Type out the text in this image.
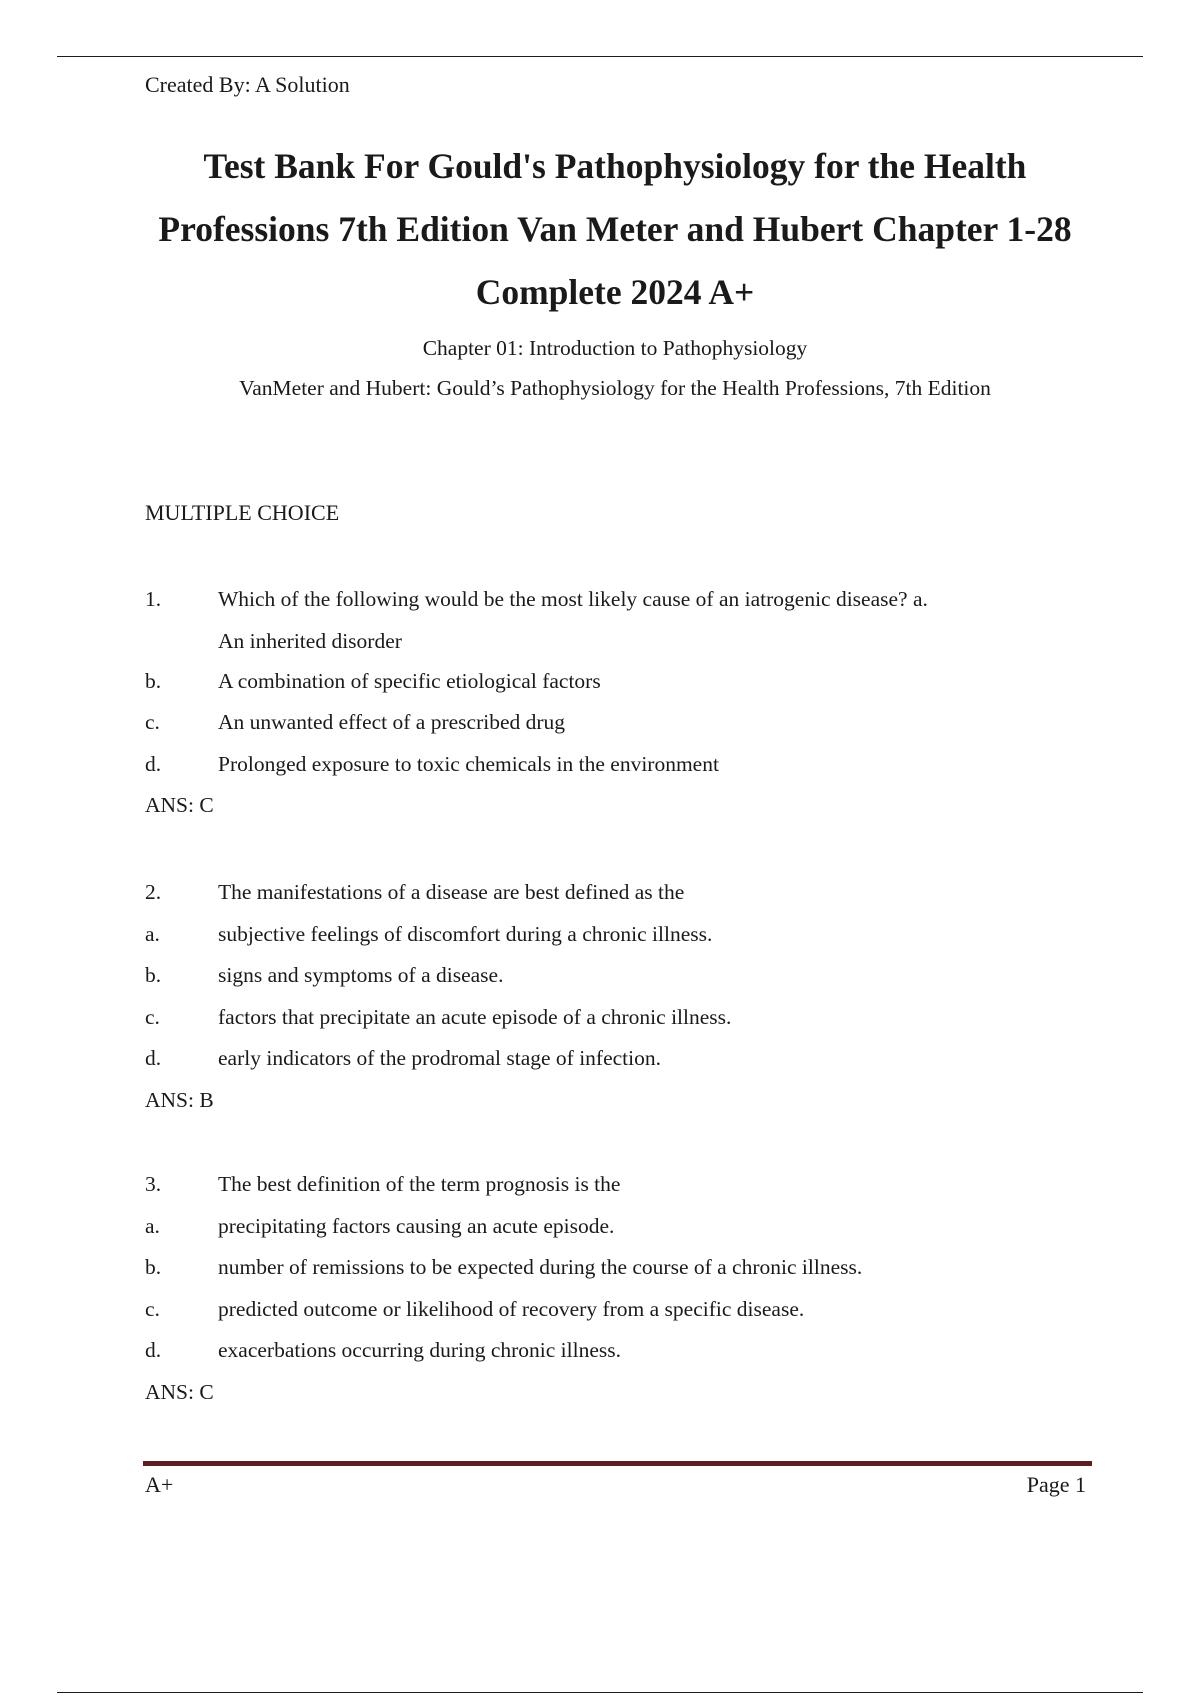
Created By: A Solution
Test Bank For Gould's Pathophysiology for the Health
Professions 7th Edition Van Meter and Hubert Chapter 1-28
Complete 2024 A+
Chapter 01: Introduction to Pathophysiology
VanMeter and Hubert: Gould’s Pathophysiology for the Health Professions, 7th Edition
MULTIPLE CHOICE
1.	Which of the following would be the most likely cause of an iatrogenic disease? a.
An inherited disorder
b.	A combination of specific etiological factors
c.	An unwanted effect of a prescribed drug
d.	Prolonged exposure to toxic chemicals in the environment
ANS: C
2.	The manifestations of a disease are best defined as the
a.	subjective feelings of discomfort during a chronic illness.
b.	signs and symptoms of a disease.
c.	factors that precipitate an acute episode of a chronic illness.
d.	early indicators of the prodromal stage of infection.
ANS: B
3.	The best definition of the term prognosis is the
a.	precipitating factors causing an acute episode.
b.	number of remissions to be expected during the course of a chronic illness.
c.	predicted outcome or likelihood of recovery from a specific disease.
d.	exacerbations occurring during chronic illness.
ANS: C
A+	Page 1
